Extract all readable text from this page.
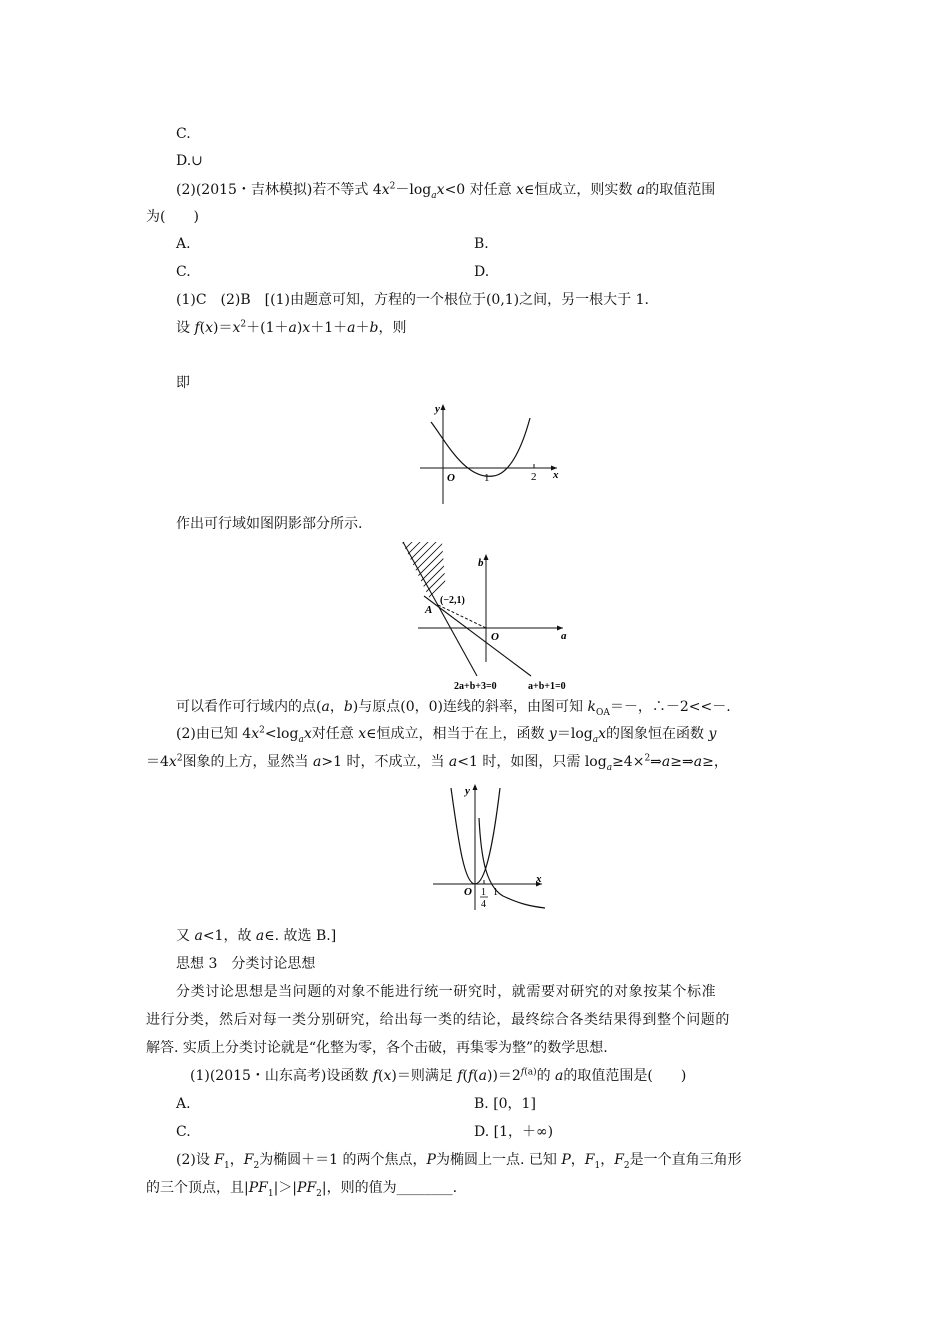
C.
D.∪
(2)(2015・吉林模拟)若不等式 $4x^2-\log_ax<0$ 对任意 x∈恒成立，则实数 a的取值范围
为(　　)
A.	B.
C.	D.
(1)C　(2)B　[(1)由题意可知，方程的一个根位于(0,1)之间，另一根大于 1.
设 $f(x)=x^2+(1+a)x+1+a+b$，则
即
y
x
O	1	2
作出可行域如图阴影部分所示.
b
a
O
A
(−2,1)
2a+b+3=0	a+b+1=0
可以看作可行域内的点(a，b)与原点(0，0)连线的斜率，由图可知 $k_{OA}=-$，∴－2<<－.
(2)由已知 $4x^2<\log_ax$对任意 x∈恒成立，相当于在上，函数 $y=\log_ax$的图象恒在函数 y
$=4x^2$图象的上方，显然当 a>1 时，不成立，当 a<1 时，如图，只需 $\log_a\ge 4\times^2\Rightarrow a\ge\Rightarrow a\ge$，
y
x
O 1
4
1
又 a<1，故 a∈. 故选 B.]
思想 3　分类讨论思想
分类讨论思想是当问题的对象不能进行统一研究时，就需要对研究的对象按某个标准
进行分类，然后对每一类分别研究，给出每一类的结论，最终综合各类结果得到整个问题的
解答. 实质上分类讨论就是“化整为零，各个击破，再集零为整”的数学思想.
(1)(2015・山东高考)设函数 f(x)＝则满足 $f(f(a))=2^{f(a)}$的 a的取值范围是(　　)
A.	B. [0，1]
C.	D. [1，＋∞)
(2)设 $F_1$，$F_2$为椭圆＋＝1 的两个焦点，P为椭圆上一点. 已知 P，$F_1$，$F_2$是一个直角三角形
的三个顶点，且$|PF_1|>|PF_2|$，则的值为________.
